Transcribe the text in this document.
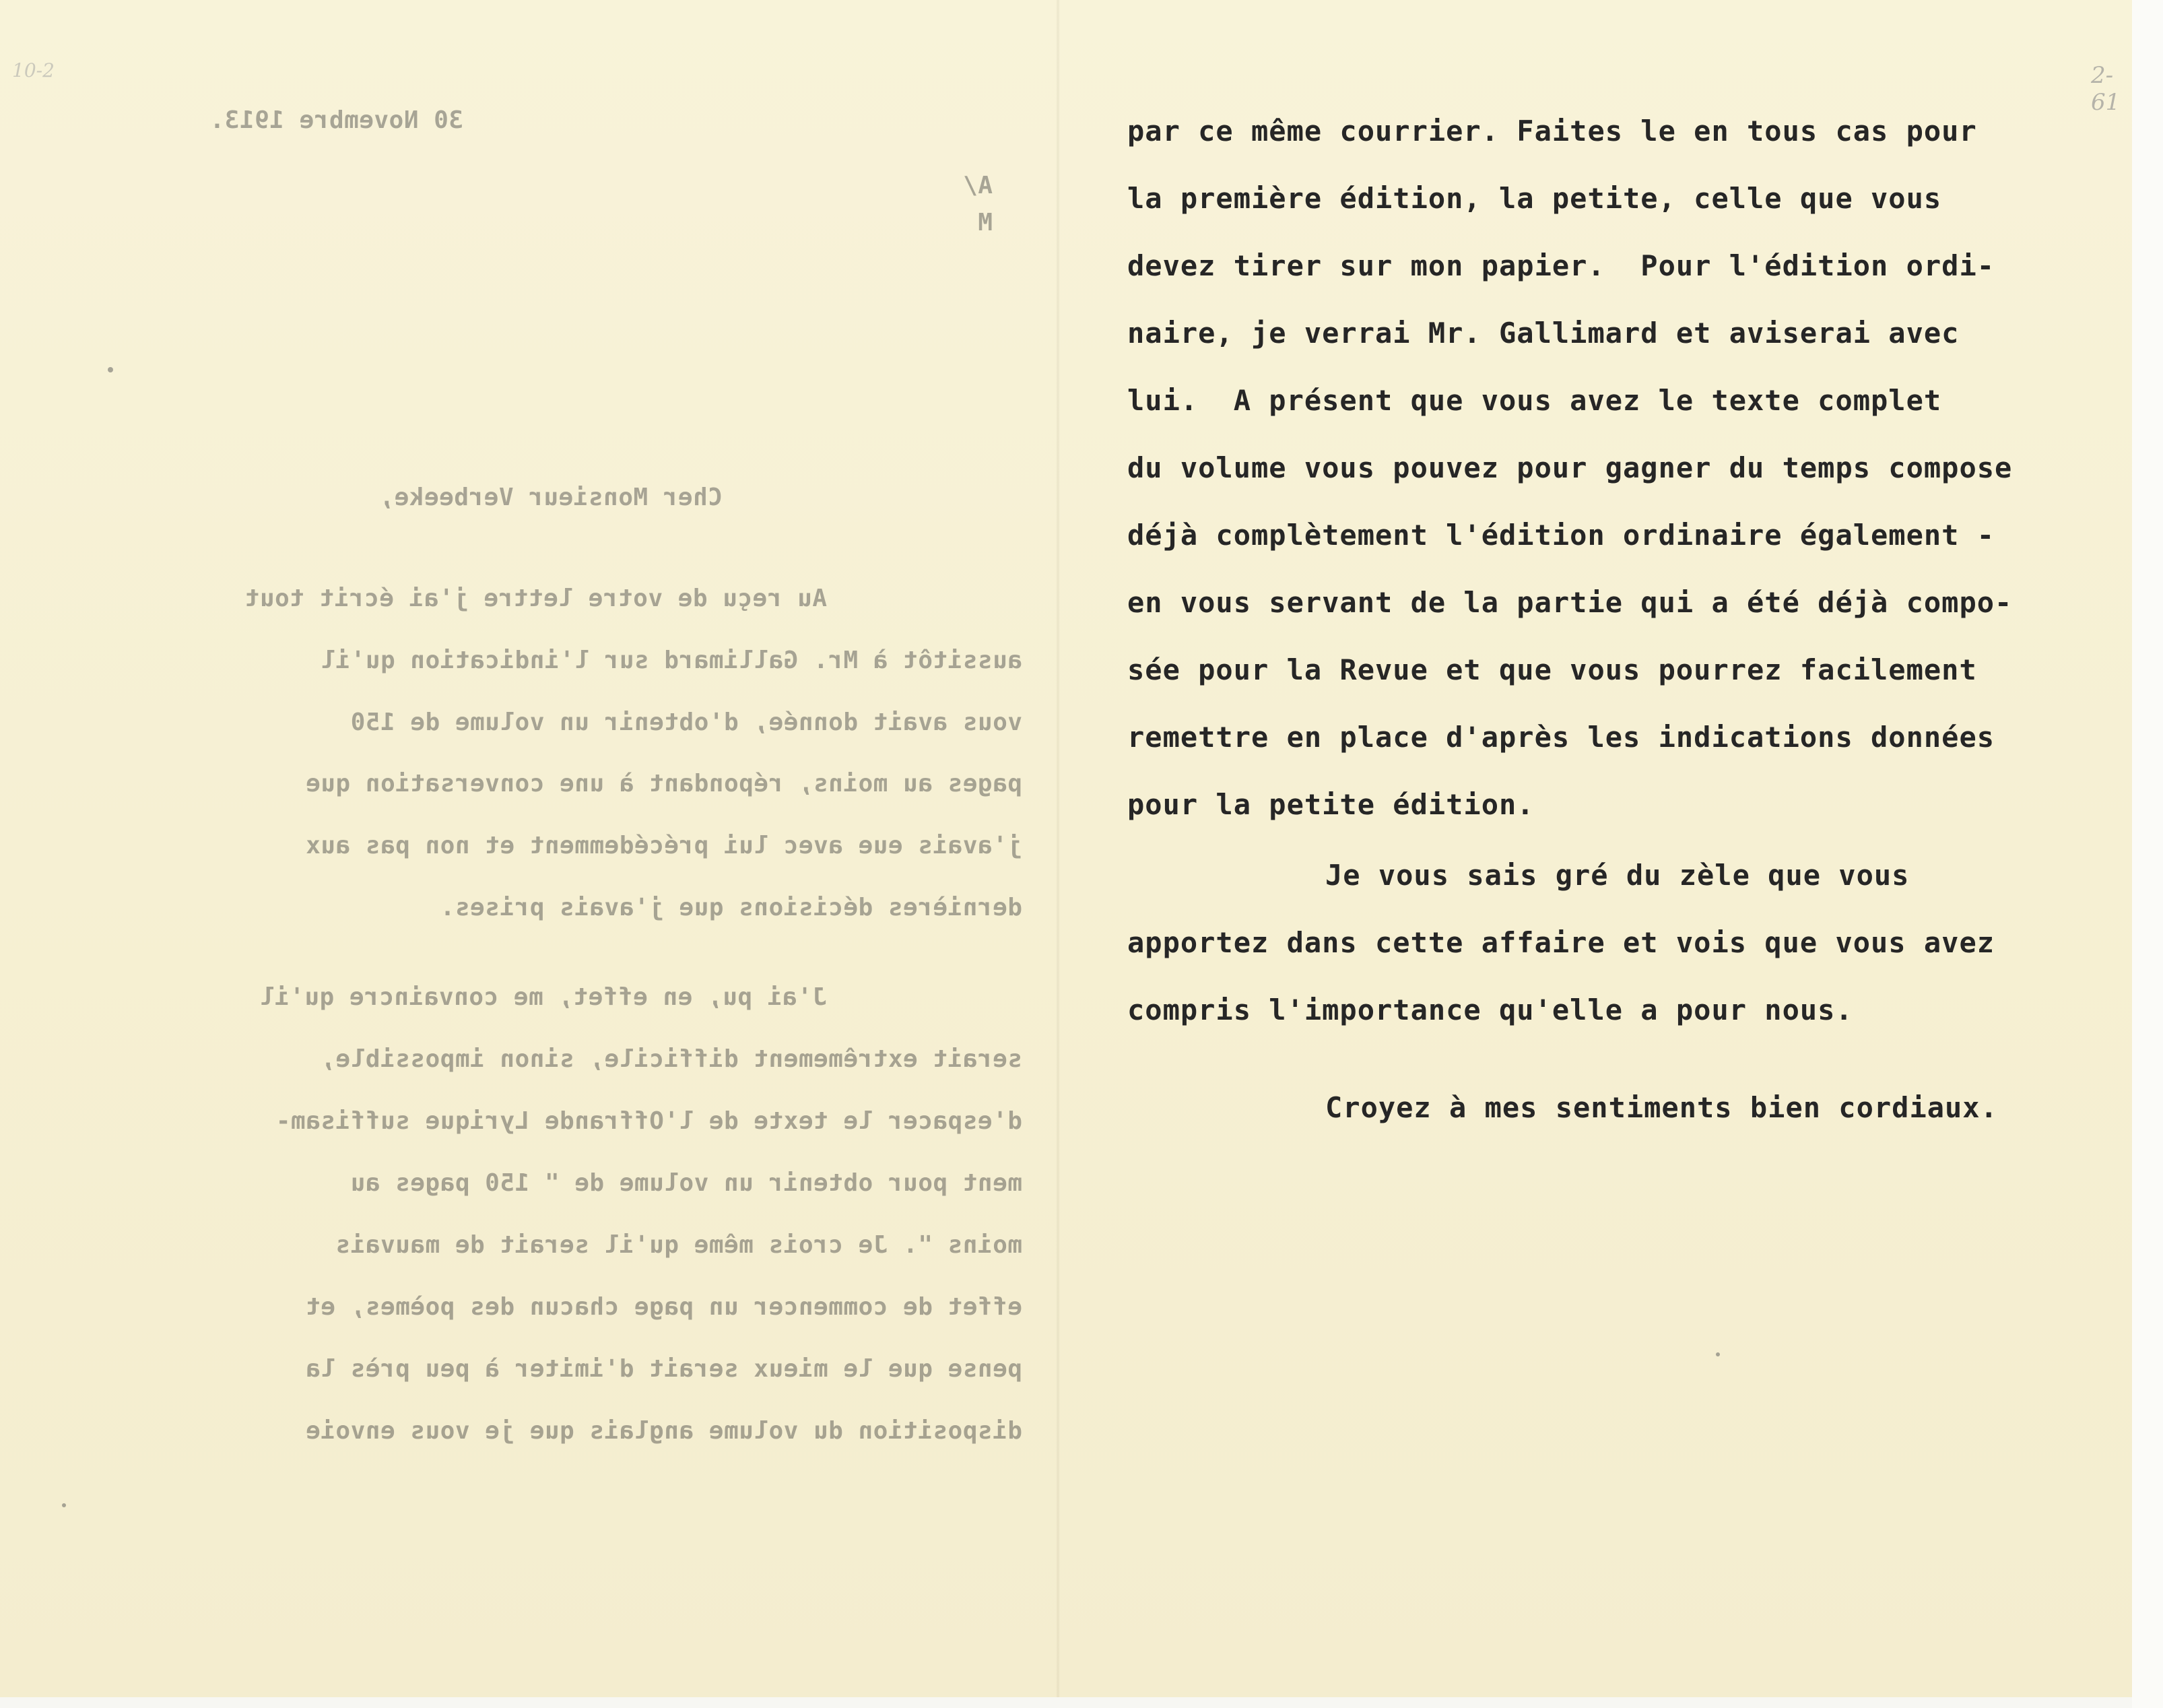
10-2
30 Novembre 1913.
A/
M
Cher Monsieur Verbeeke,
Au reçu de votre lettre j'ai écrit tout
aussitôt à Mr. Gallimard sur l'indication qu'il
vous avait donnée, d'obtenir un volume de 150
pages au moins, répondant à une conversation que
j'avais eue avec lui précédemment et non pas aux
dernières décisions que j'avais prises.
J'ai pu, en effet, me convaincre qu'il
serait extrêmement difficile, sinon impossible,
d'espacer le texte de l'Offrande Lyrique suffisam-
ment pour obtenir un volume de " 150 pages au
moins ". Je crois même qu'il serait de mauvais
effet de commencer un page chacun des poèmes, et
pense que le mieux serait d'imiter à peu près la
disposition du volume anglais que je vous envoie
par ce même courrier. Faites le en tous cas pour
la première édition, la petite, celle que vous
devez tirer sur mon papier.  Pour l'édition ordi-
naire, je verrai Mr. Gallimard et aviserai avec
lui.  A présent que vous avez le texte complet
du volume vous pouvez pour gagner du temps compose
déjà complètement l'édition ordinaire également -
en vous servant de la partie qui a été déjà compo-
sée pour la Revue et que vous pourrez facilement
remettre en place d'après les indications données
pour la petite édition.
Je vous sais gré du zèle que vous
apportez dans cette affaire et vois que vous avez
compris l'importance qu'elle a pour nous.
Croyez à mes sentiments bien cordiaux.
2-61
